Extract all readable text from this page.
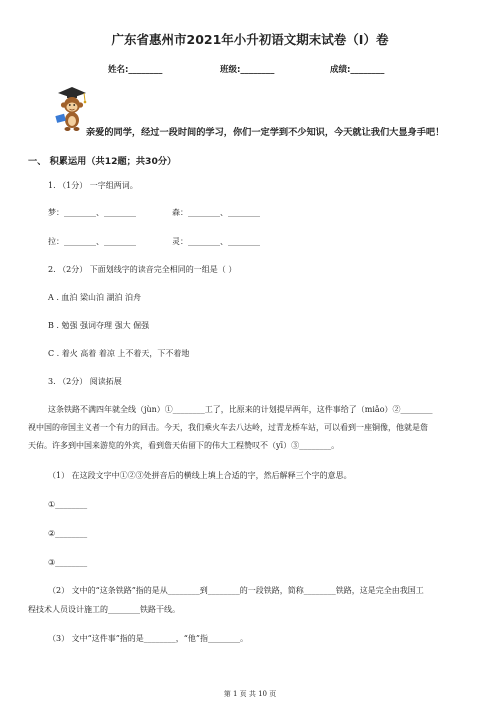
广东省惠州市2021年小升初语文期末试卷（I）卷
姓名:________	班级:________	成绩:________
亲爱的同学，经过一段时间的学习，你们一定学到不少知识，今天就让我们大显身手吧！
一、 积累运用（共12题；共30分）
1. （1分） 一字组两词。
梦：________、________	森：________、________
拉：________、________	灵：________、________
2. （2分） 下面划线字的读音完全相同的一组是（ ）
A . 血泊 梁山泊 湖泊 泊舟
B . 勉强 强词夺理 强大 倔强
C . 着火 高着 着凉 上不着天，下不着地
3. （2分） 阅读拓展
这条铁路不满四年就全线（jùn）①________工了，比原来的计划提早两年，这件事给了（miǎo）②________
视中国的帝国主义者一个有力的回击。今天，我们乘火车去八达岭，过青龙桥车站，可以看到一座铜像，他就是詹
天佑。许多到中国来游览的外宾，看到詹天佑留下的伟大工程赞叹不（yī）③________。
（1） 在这段文字中①②③处拼音后的横线上填上合适的字，然后解释三个字的意思。
①________
②________
③________
（2） 文中的“这条铁路”指的是从________到________的一段铁路，简称________铁路，这是完全由我国工
程技术人员设计施工的________铁路干线。
（3） 文中“这件事”指的是________，“他”指________。
第 1 页 共 10 页
